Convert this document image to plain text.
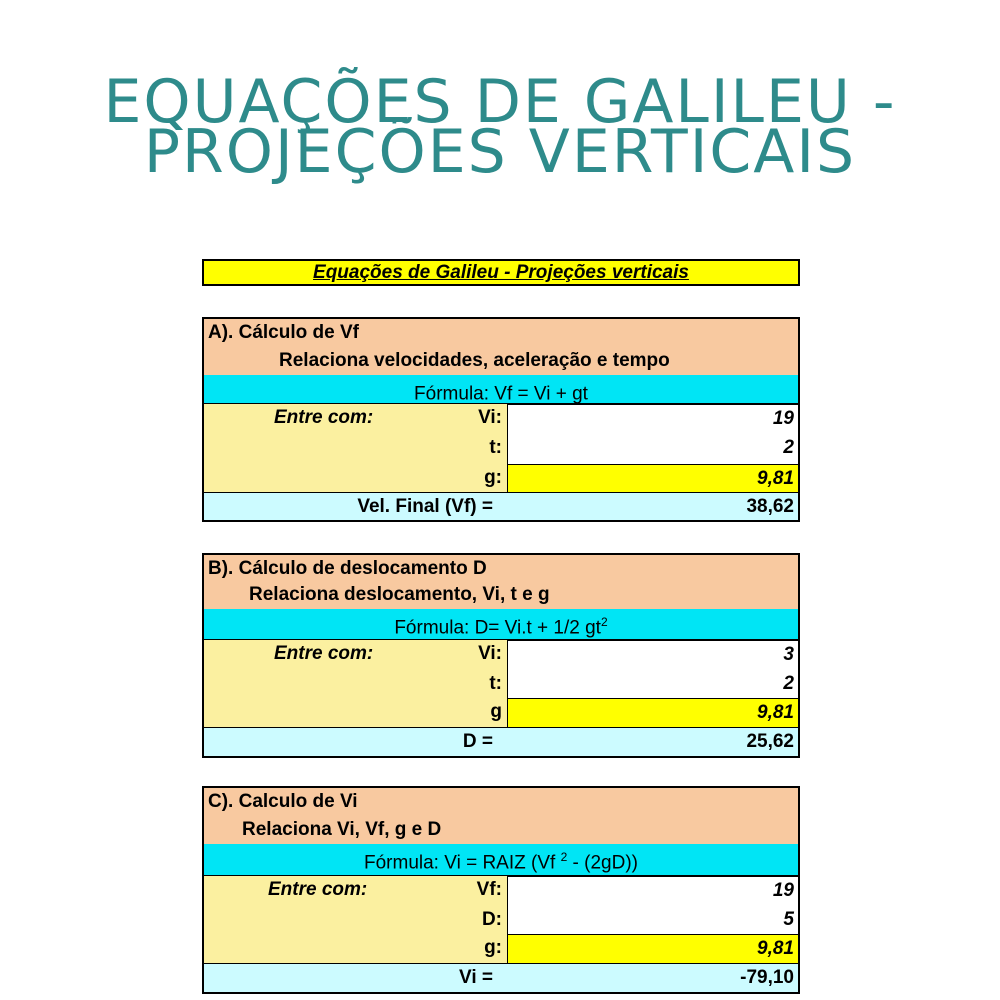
EQUAÇÕES DE GALILEU -
PROJEÇÕES VERTICAIS
Equações de Galileu - Projeções verticais
A). Cálculo de Vf
Relaciona velocidades, aceleração e tempo
Fórmula: Vf = Vi + gt
Entre com:	Vi:	19
t:	2
g:	9,81
Vel. Final (Vf) =	38,62
B). Cálculo de deslocamento D
Relaciona deslocamento, Vi, t e g
Fórmula: D= Vi.t + 1/2 $gt^2$
Entre com:	Vi:	3
t:	2
g	9,81
D =	25,62
C). Calculo de Vi
Relaciona Vi, Vf, g e D
Fórmula: Vi = RAIZ (Vf $^2$ - (2gD))
Entre com:	Vf:	19
D:	5
g:	9,81
Vi =	-79,10
